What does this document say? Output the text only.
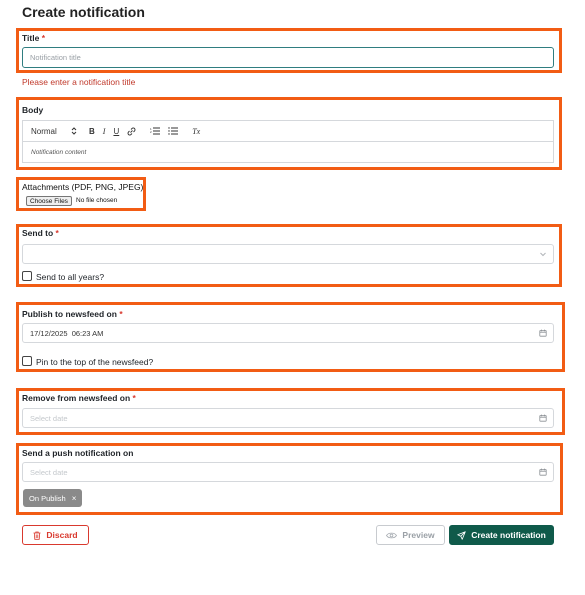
Create notification
Title *
Notification title
Please enter a notification title
Body
Normal	B I U	1
2	Tx
Notification content
Attachments (PDF, PNG, JPEG)
Choose Files	No file chosen
Send to *
Send to all years?
Publish to newsfeed on *
17/12/2025  06:23 AM
Pin to the top of the newsfeed?
Remove from newsfeed on *
Select date
Send a push notification on
Select date
On Publish ×
Discard	Preview	Create notification
